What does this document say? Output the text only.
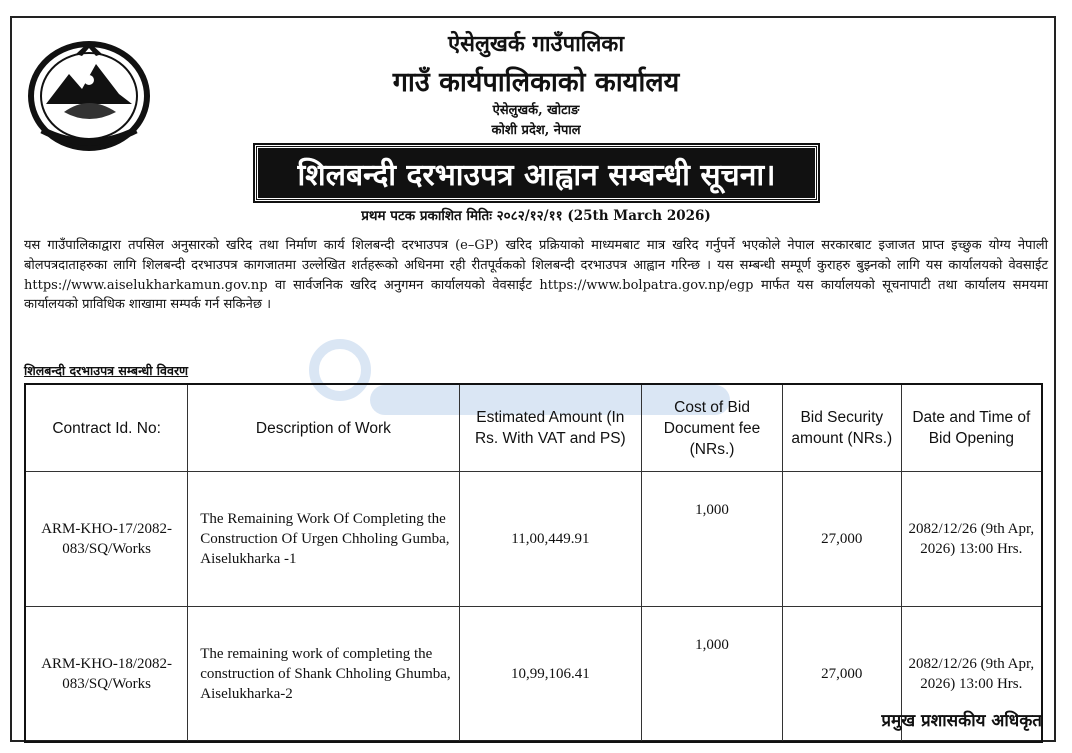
ऐसेलुखर्क गाउँपालिका
गाउँ कार्यपालिकाको कार्यालय
ऐसेलुखर्क, खोटाङ
कोशी प्रदेश, नेपाल
शिलबन्दी दरभाउपत्र आह्वान सम्बन्धी सूचना।
प्रथम पटक प्रकाशित मितिः २०८२/१२/११ (25th March 2026)
यस गाउँपालिकाद्वारा तपसिल अनुसारको खरिद तथा निर्माण कार्य शिलबन्दी दरभाउपत्र (e–GP) खरिद प्रक्रियाको माध्यमबाट मात्र खरिद गर्नुपर्ने भएकोले नेपाल सरकारबाट इजाजत प्राप्त इच्छुक योग्य नेपाली बोलपत्रदाताहरुका लागि शिलबन्दी दरभाउपत्र कागजातमा उल्लेखित शर्तहरूको अधिनमा रही रीतपूर्वकको शिलबन्दी दरभाउपत्र आह्वान गरिन्छ । यस सम्बन्धी सम्पूर्ण कुराहरु बुझ्नको लागि यस कार्यालयको वेवसाईट https://www.aiselukharkamun.gov.np वा सार्वजनिक खरिद अनुगमन कार्यालयको वेवसाईट https://www.bolpatra.gov.np/egp मार्फत यस कार्यालयको सूचनापाटी तथा कार्यालय समयमा कार्यालयको प्राविधिक शाखामा सम्पर्क गर्न सकिनेछ ।
शिलबन्दी दरभाउपत्र सम्बन्धी विवरण
Contract Id. No:	Description of Work	Estimated Amount (In Rs. With VAT and PS)	Cost of Bid Document fee (NRs.)	Bid Security amount (NRs.)	Date and Time of Bid Opening
ARM-KHO-17/2082-083/SQ/Works	The Remaining Work Of Completing the Construction Of Urgen Chholing Gumba, Aiselukharka -1	11,00,449.91	1,000	27,000	2082/12/26 (9th Apr, 2026) 13:00 Hrs.
ARM-KHO-18/2082-083/SQ/Works	The remaining work of completing the construction of Shank Chholing Ghumba, Aiselukharka-2	10,99,106.41	1,000	27,000	2082/12/26 (9th Apr, 2026) 13:00 Hrs.
प्रमुख प्रशासकीय अधिकृत
